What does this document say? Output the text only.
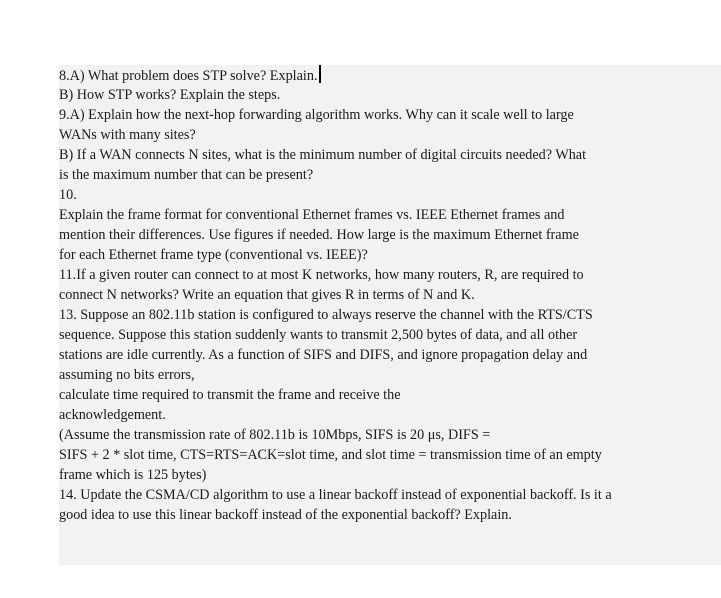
8.A) What problem does STP solve? Explain.
B) How STP works? Explain the steps.
9.A) Explain how the next-hop forwarding algorithm works. Why can it scale well to large
WANs with many sites?
B) If a WAN connects N sites, what is the minimum number of digital circuits needed? What
is the maximum number that can be present?
10.
Explain the frame format for conventional Ethernet frames vs. IEEE Ethernet frames and
mention their differences. Use figures if needed. How large is the maximum Ethernet frame
for each Ethernet frame type (conventional vs. IEEE)?
11.If a given router can connect to at most K networks, how many routers, R, are required to
connect N networks? Write an equation that gives R in terms of N and K.
13. Suppose an 802.11b station is configured to always reserve the channel with the RTS/CTS
sequence. Suppose this station suddenly wants to transmit 2,500 bytes of data, and all other
stations are idle currently. As a function of SIFS and DIFS, and ignore propagation delay and
assuming no bits errors,
calculate time required to transmit the frame and receive the
acknowledgement.
(Assume the transmission rate of 802.11b is 10Mbps, SIFS is 20 μs, DIFS =
SIFS + 2 * slot time, CTS=RTS=ACK=slot time, and slot time = transmission time of an empty
frame which is 125 bytes)
14. Update the CSMA/CD algorithm to use a linear backoff instead of exponential backoff. Is it a
good idea to use this linear backoff instead of the exponential backoff? Explain.
